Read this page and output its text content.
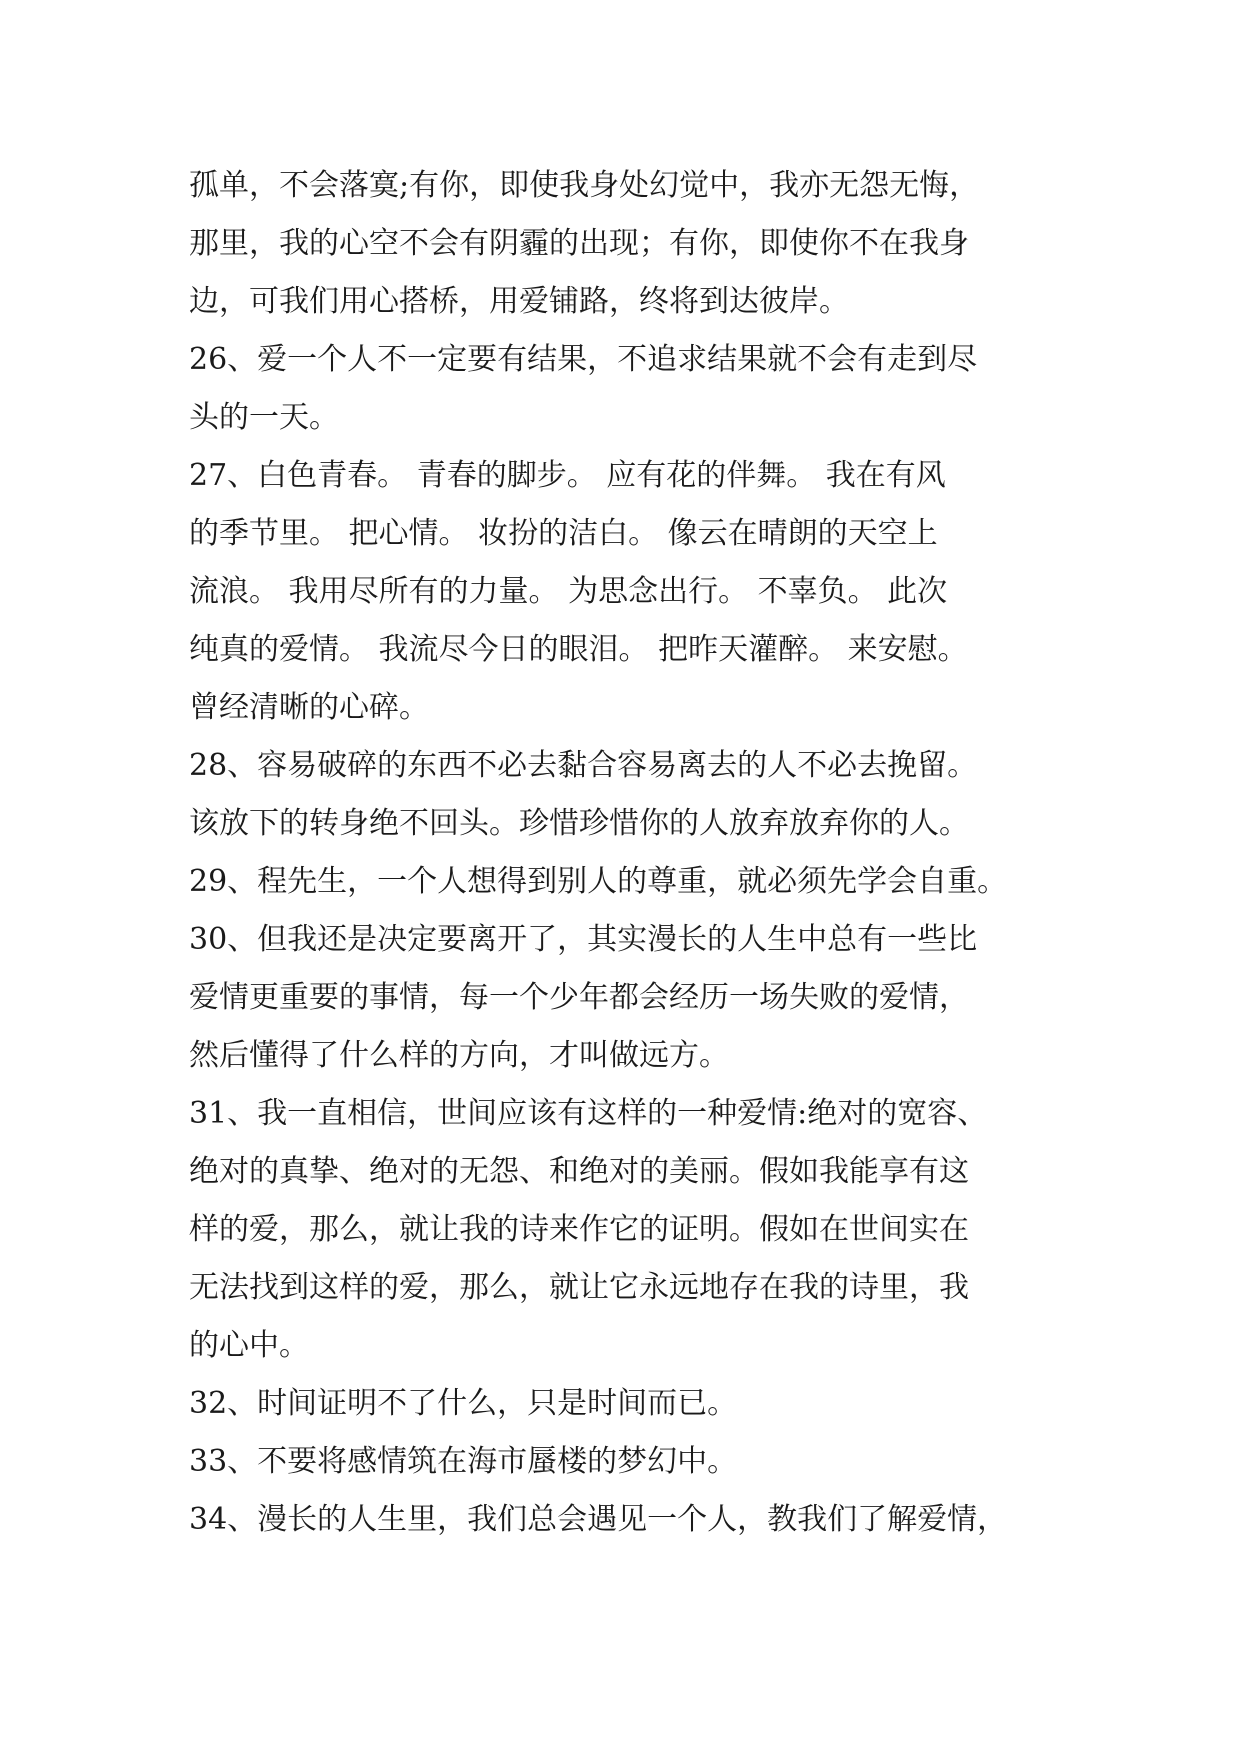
孤单，不会落寞;有你，即使我身处幻觉中，我亦无怨无悔，
那里，我的心空不会有阴霾的出现；有你，即使你不在我身
边，可我们用心搭桥，用爱铺路，终将到达彼岸。
26、爱一个人不一定要有结果，不追求结果就不会有走到尽
头的一天。
27、白色青春。 青春的脚步。 应有花的伴舞。 我在有风
的季节里。 把心情。 妆扮的洁白。 像云在晴朗的天空上
流浪。 我用尽所有的力量。 为思念出行。 不辜负。 此次
纯真的爱情。 我流尽今日的眼泪。 把昨天灌醉。 来安慰。
曾经清晰的心碎。
28、容易破碎的东西不必去黏合容易离去的人不必去挽留。
该放下的转身绝不回头。珍惜珍惜你的人放弃放弃你的人。
29、程先生，一个人想得到别人的尊重，就必须先学会自重。
30、但我还是决定要离开了，其实漫长的人生中总有一些比
爱情更重要的事情，每一个少年都会经历一场失败的爱情，
然后懂得了什么样的方向，才叫做远方。
31、我一直相信，世间应该有这样的一种爱情:绝对的宽容、
绝对的真挚、绝对的无怨、和绝对的美丽。假如我能享有这
样的爱，那么，就让我的诗来作它的证明。假如在世间实在
无法找到这样的爱，那么，就让它永远地存在我的诗里，我
的心中。
32、时间证明不了什么，只是时间而已。
33、不要将感情筑在海市蜃楼的梦幻中。
34、漫长的人生里，我们总会遇见一个人，教我们了解爱情，
